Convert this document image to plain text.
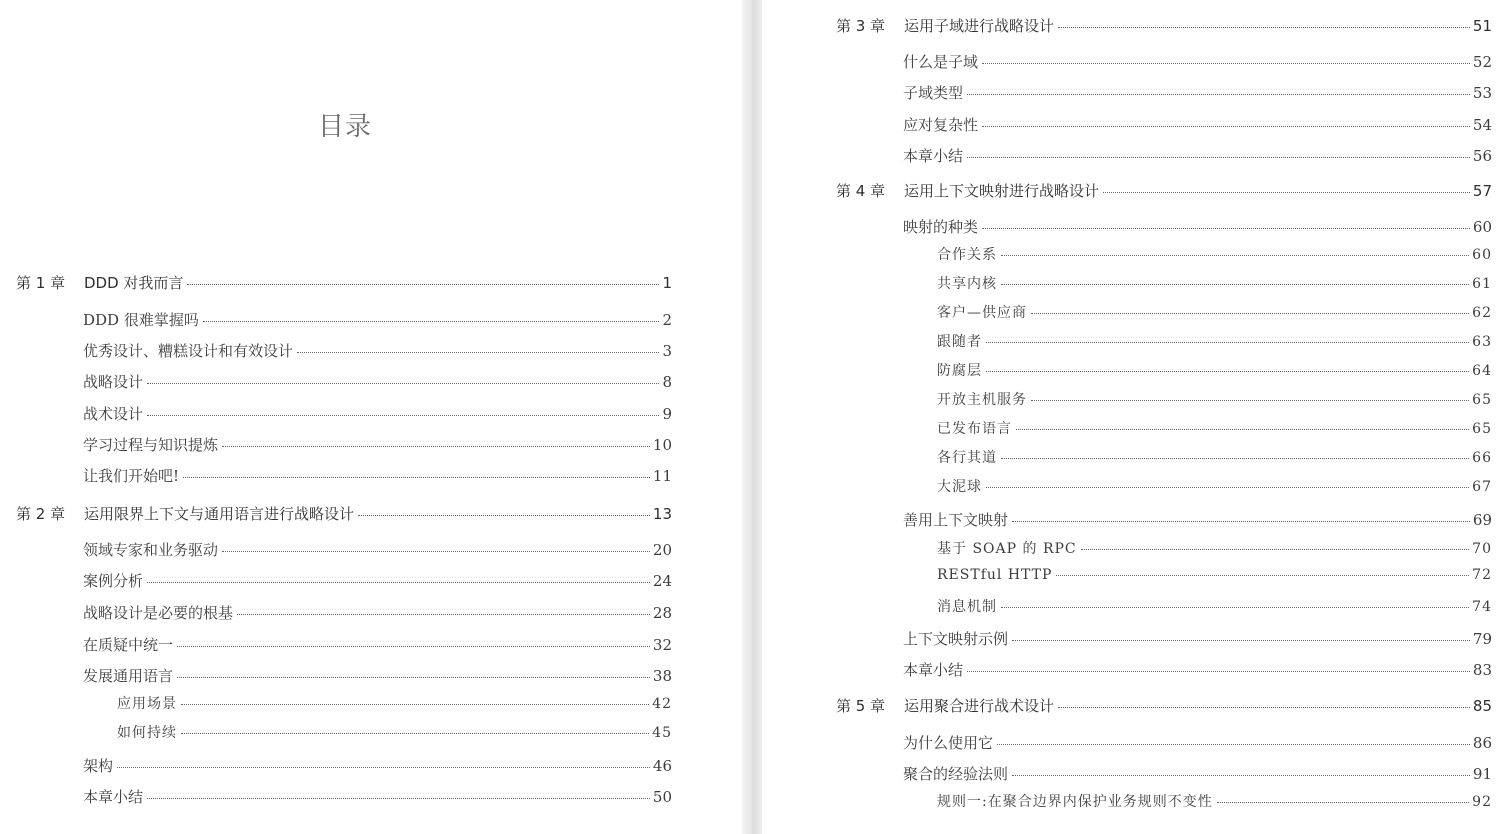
目录
第 1 章	DDD 对我而言	1
DDD 很难掌握吗	2
优秀设计、糟糕设计和有效设计	3
战略设计	8
战术设计	9
学习过程与知识提炼	10
让我们开始吧!	11
第 2 章	运用限界上下文与通用语言进行战略设计	13
领域专家和业务驱动	20
案例分析	24
战略设计是必要的根基	28
在质疑中统一	32
发展通用语言	38
应用场景	42
如何持续	45
架构	46
本章小结	50
第 3 章	运用子域进行战略设计	51
什么是子域	52
子域类型	53
应对复杂性	54
本章小结	56
第 4 章	运用上下文映射进行战略设计	57
映射的种类	60
合作关系	60
共享内核	61
客户—供应商	62
跟随者	63
防腐层	64
开放主机服务	65
已发布语言	65
各行其道	66
大泥球	67
善用上下文映射	69
基于 SOAP 的 RPC	70
RESTful HTTP	72
消息机制	74
上下文映射示例	79
本章小结	83
第 5 章	运用聚合进行战术设计	85
为什么使用它	86
聚合的经验法则	91
规则一:在聚合边界内保护业务规则不变性	92
